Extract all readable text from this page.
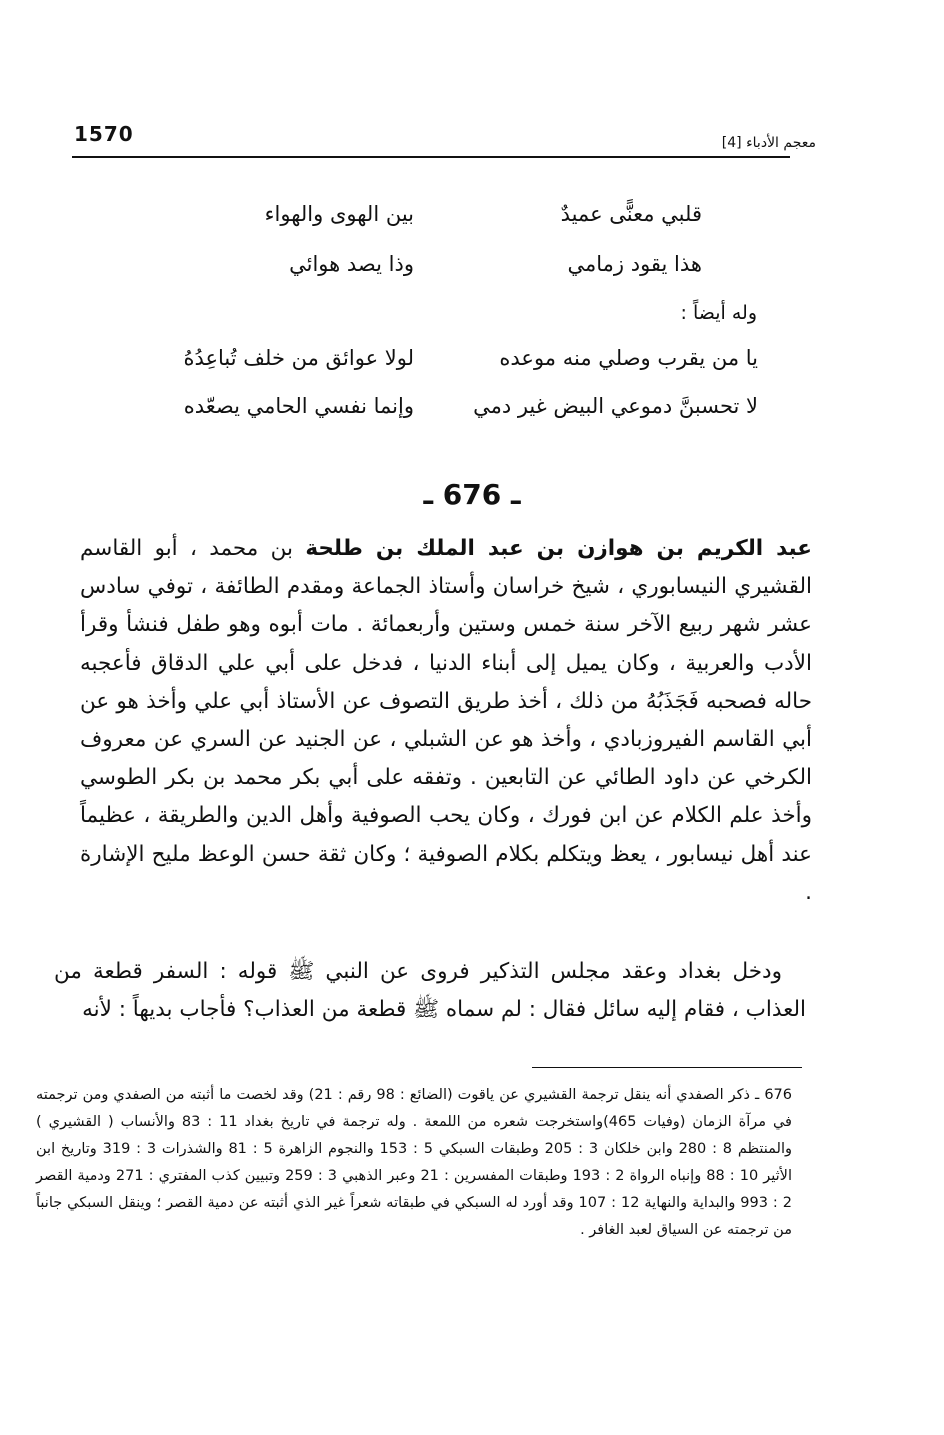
1570	معجم الأدباء [4]
قلبي معنًّى عميدٌ
بين الهوى والهواء
هذا يقود زمامي
وذا يصد هوائي
وله أيضاً :
يا من يقرب وصلي منه موعده
لولا عوائق من خلف تُباعِدُهُ
لا تحسبنَّ دموعي البيض غير دمي
وإنما نفسي الحامي يصعّده
ـ 676 ـ
عبد الكريم بن هوازن بن عبد الملك بن طلحة بن محمد ، أبو القاسم القشيري النيسابوري ، شيخ خراسان وأستاذ الجماعة ومقدم الطائفة ، توفي سادس عشر شهر ربيع الآخر سنة خمس وستين وأربعمائة . مات أبوه وهو طفل فنشأ وقرأ الأدب والعربية ، وكان يميل إلى أبناء الدنيا ، فدخل على أبي علي الدقاق فأعجبه حاله فصحبه فَجَذَبُهُ من ذلك ، أخذ طريق التصوف عن الأستاذ أبي علي وأخذ هو عن أبي القاسم الفيروزبادي ، وأخذ هو عن الشبلي ، عن الجنيد عن السري عن معروف الكرخي عن داود الطائي عن التابعين . وتفقه على أبي بكر محمد بن بكر الطوسي وأخذ علم الكلام عن ابن فورك ، وكان يحب الصوفية وأهل الدين والطريقة ، عظيماً عند أهل نيسابور ، يعظ ويتكلم بكلام الصوفية ؛ وكان ثقة حسن الوعظ مليح الإشارة .
ودخل بغداد وعقد مجلس التذكير فروى عن النبي ﷺ قوله : السفر قطعة من العذاب ، فقام إليه سائل فقال : لم سماه ﷺ قطعة من العذاب؟ فأجاب بديهاً : لأنه

676 ـ ذكر الصفدي أنه ينقل ترجمة القشيري عن ياقوت (الضائع : 98 رقم : 21) وقد لخصت ما أثبته من الصفدي ومن ترجمته في مرآة الزمان (وفيات 465)واستخرجت شعره من اللمعة . وله ترجمة في تاريخ بغداد 11 : 83 والأنساب ( القشيري ) والمنتظم 8 : 280 وابن خلكان 3 : 205 وطبقات السبكي 5 : 153 والنجوم الزاهرة 5 : 81 والشذرات 3 : 319 وتاريخ ابن الأثير 10 : 88 وإنباه الرواة 2 : 193 وطبقات المفسرين : 21 وعبر الذهبي 3 : 259 وتبيين كذب المفتري : 271 ودمية القصر 2 : 993 والبداية والنهاية 12 : 107 وقد أورد له السبكي في طبقاته شعراً غير الذي أثبته عن دمية القصر ؛ وينقل السبكي جانباً من ترجمته عن السياق لعبد الغافر .
